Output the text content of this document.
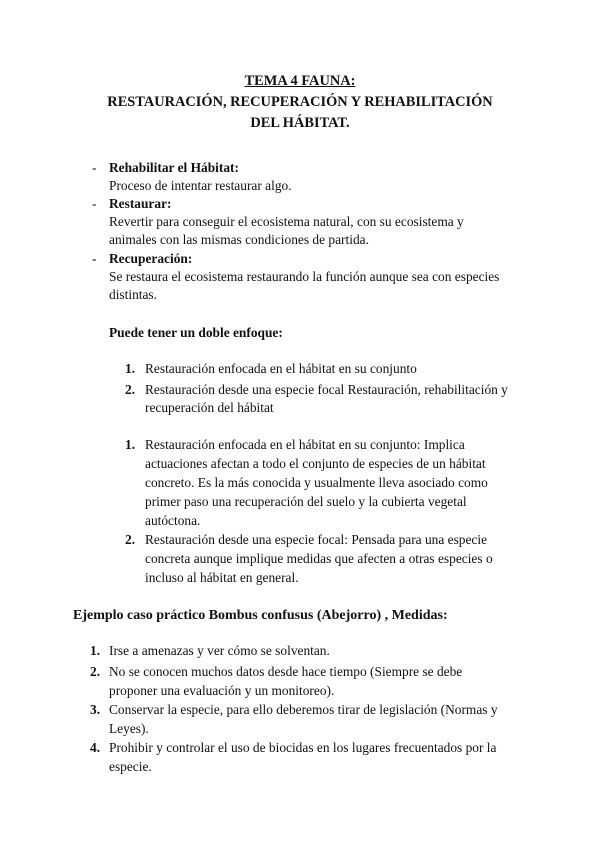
TEMA 4 FAUNA:
RESTAURACIÓN, RECUPERACIÓN Y REHABILITACIÓN
DEL HÁBITAT.
- Rehabilitar el Hábitat:
Proceso de intentar restaurar algo.
- Restaurar:
Revertir para conseguir el ecosistema natural, con su ecosistema y
animales con las mismas condiciones de partida.
- Recuperación:
Se restaura el ecosistema restaurando la función aunque sea con especies
distintas.
Puede tener un doble enfoque:
1. Restauración enfocada en el hábitat en su conjunto
2. Restauración desde una especie focal Restauración, rehabilitación y
recuperación del hábitat
1. Restauración enfocada en el hábitat en su conjunto: Implica
actuaciones afectan a todo el conjunto de especies de un hábitat
concreto. Es la más conocida y usualmente lleva asociado como
primer paso una recuperación del suelo y la cubierta vegetal
autóctona.
2. Restauración desde una especie focal: Pensada para una especie
concreta aunque implique medidas que afecten a otras especies o
incluso al hábitat en general.
Ejemplo caso práctico Bombus confusus (Abejorro) , Medidas:
1. Irse a amenazas y ver cómo se solventan.
2. No se conocen muchos datos desde hace tiempo (Siempre se debe
proponer una evaluación y un monitoreo).
3. Conservar la especie, para ello deberemos tirar de legislación (Normas y
Leyes).
4. Prohibir y controlar el uso de biocidas en los lugares frecuentados por la
especie.
